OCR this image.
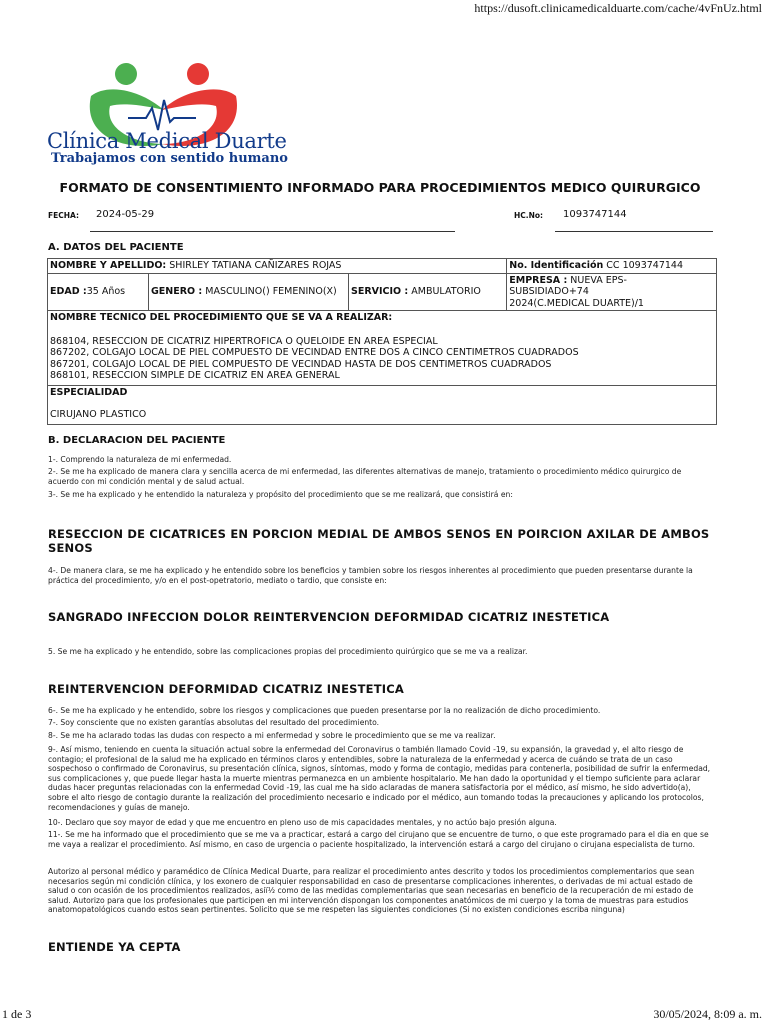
https://dusoft.clinicamedicalduarte.com/cache/4vFnUz.html
Clínica Medical Duarte
Trabajamos con sentido humano
FORMATO DE CONSENTIMIENTO INFORMADO PARA PROCEDIMIENTOS MEDICO QUIRURGICO
FECHA: 2024-05-29	HC.No: 1093747144
A. DATOS DEL PACIENTE
NOMBRE Y APELLIDO: SHIRLEY TATIANA CAÑIZARES ROJAS			No. Identificación CC 1093747144
EDAD :35 Años	GENERO : MASCULINO() FEMENINO(X)	SERVICIO : AMBULATORIO	EMPRESA : NUEVA EPS-
SUBSIDIADO+74
2024(C.MEDICAL DUARTE)/1

NOMBRE TECNICO DEL PROCEDIMIENTO QUE SE VA A REALIZAR:
868104, RESECCION DE CICATRIZ HIPERTROFICA O QUELOIDE EN AREA ESPECIAL
867202, COLGAJO LOCAL DE PIEL COMPUESTO DE VECINDAD ENTRE DOS A CINCO CENTIMETROS CUADRADOS
867201, COLGAJO LOCAL DE PIEL COMPUESTO DE VECINDAD HASTA DE DOS CENTIMETROS CUADRADOS
868101, RESECCION SIMPLE DE CICATRIZ EN AREA GENERAL			

ESPECIALIDAD
CIRUJANO PLASTICO			
B. DECLARACION DEL PACIENTE
1-. Comprendo la naturaleza de mi enfermedad.
2-. Se me ha explicado de manera clara y sencilla acerca de mi enfermedad, las diferentes alternativas de manejo, tratamiento o procedimiento médico quirurgico de acuerdo con mi condición mental y de salud actual.
3-. Se me ha explicado y he entendido la naturaleza y propósito del procedimiento que se me realizará, que consistirá en:
RESECCION DE CICATRICES EN PORCION MEDIAL DE AMBOS SENOS EN POIRCION AXILAR DE AMBOS SENOS
4-. De manera clara, se me ha explicado y he entendido sobre los beneficios y tambien sobre los riesgos inherentes al procedimiento que pueden presentarse durante la práctica del procedimiento, y/o en el post-opetratorio, mediato o tardio, que consiste en:
SANGRADO INFECCION DOLOR REINTERVENCION DEFORMIDAD CICATRIZ INESTETICA
5. Se me ha explicado y he entendido, sobre las complicaciones propias del procedimiento quirúrgico que se me va a realizar.
REINTERVENCION DEFORMIDAD CICATRIZ INESTETICA
6-. Se me ha explicado y he entendido, sobre los riesgos y complicaciones que pueden presentarse por la no realización de dicho procedimiento.
7-. Soy consciente que no existen garantías absolutas del resultado del procedimiento.
8-. Se me ha aclarado todas las dudas con respecto a mi enfermedad y sobre le procedimiento que se me va realizar.
9-. Así mismo, teniendo en cuenta la situación actual sobre la enfermedad del Coronavirus o también llamado Covid -19, su expansión, la gravedad y, el alto riesgo de contagio; el profesional de la salud me ha explicado en términos claros y entendibles, sobre la naturaleza de la enfermedad y acerca de cuándo se trata de un caso sospechoso o confirmado de Coronavirus, su presentación clínica, signos, síntomas, modo y forma de contagio, medidas para contenerla, posibilidad de sufrir la enfermedad, sus complicaciones y, que puede llegar hasta la muerte mientras permanezca en un ambiente hospitalario. Me han dado la oportunidad y el tiempo suficiente para aclarar dudas hacer preguntas relacionadas con la enfermedad Covid -19, las cual me ha sido aclaradas de manera satisfactoria por el médico, así mismo, he sido advertido(a), sobre el alto riesgo de contagio durante la realización del procedimiento necesario e indicado por el médico, aun tomando todas la precauciones y aplicando los protocolos, recomendaciones y guías de manejo.
10-. Declaro que soy mayor de edad y que me encuentro en pleno uso de mis capacidades mentales, y no actúo bajo presión alguna.
11-. Se me ha informado que el procedimiento que se me va a practicar, estará a cargo del cirujano que se encuentre de turno, o que este programado para el dia en que se me vaya a realizar el procedimiento. Así mismo, en caso de urgencia o paciente hospitalizado, la intervención estará a cargo del cirujano o cirujana especialista de turno.
Autorizo al personal médico y paramédico de Clínica Medical Duarte, para realizar el procedimiento antes descrito y todos los procedimientos complementarios que sean necesarios según mi condición clínica, y los exonero de cualquier responsabilidad en caso de presentarse complicaciones inherentes, o derivadas de mi actual estado de salud o con ocasión de los procedimientos realizados, asiï½ como de las medidas complementarias que sean necesarias en beneficio de la recuperación de mi estado de salud. Autorizo para que los profesionales que participen en mi intervención dispongan los componentes anatómicos de mi cuerpo y la toma de muestras para estudios anatomopatológicos cuando estos sean pertinentes. Solicito que se me respeten las siguientes condiciones (Si no existen condiciones escriba ninguna)
ENTIENDE YA CEPTA
1 de 3	30/05/2024, 8:09 a. m.
